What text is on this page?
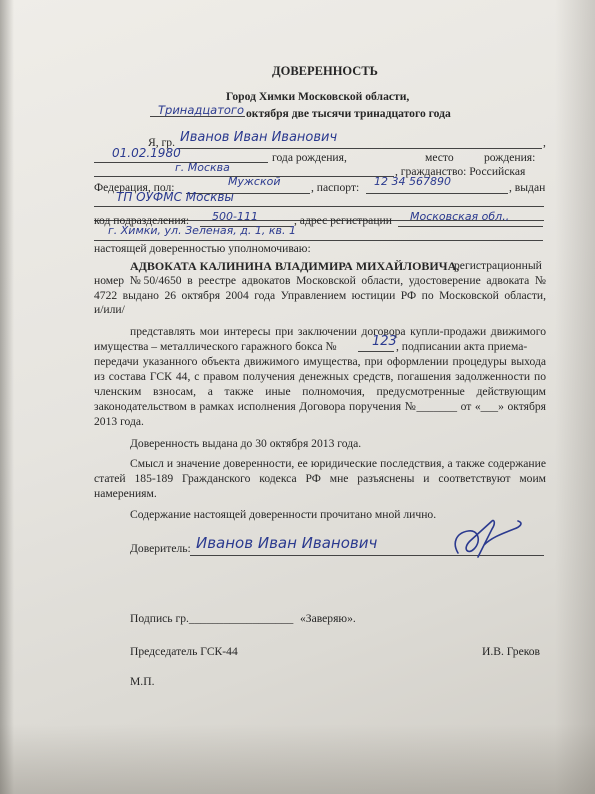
ДОВЕРЕННОСТЬ
Город Химки Московской области,
Тринадцатого октября две тысячи тринадцатого года
Я, гр. Иванов Иван Иванович	,
01.02.1980	года рождения,	место	рождения:
г. Москва	, гражданство: Российская
Федерация, пол:	Мужской	, паспорт: 12 34 567890	, выдан
ТП ОУФМС Москвы
код подразделения: 500-111	, адрес регистрации Московская обл.,
г. Химки, ул. Зеленая, д. 1, кв. 1
настоящей доверенностью уполномочиваю:
АДВОКАТА КАЛИНИНА ВЛАДИМИРА МИХАЙЛОВИЧА,
регистрационный
номер №50/4650 в реестре адвокатов Московской области, удостоверение адвоката №
4722 выдано 26 октября 2004 года Управлением юстиции РФ по Московской области,
и/или/
представлять мои интересы при заключении договора купли-продажи движимого
имущества – металлического гаражного бокса №	123 , подписании акта приема-
передачи указанного объекта движимого имущества, при оформлении процедуры выхода
из состава ГСК 44, с правом получения денежных средств, погашения задолженности по
членским взносам, а также иные полномочия, предусмотренные действующим
законодательством в рамках исполнения Договора поручения №_______ от «___» октября
2013 года.
Доверенность выдана до 30 октября 2013 года.
Смысл и значение доверенности, ее юридические последствия, а также содержание
статей 185-189 Гражданского кодекса РФ мне разъяснены и соответствуют моим
намерениям.
Содержание настоящей доверенности прочитано мной лично.
Доверитель: Иванов Иван Иванович
Подпись гр.__________________ «Заверяю».
Председатель ГСК-44	И.В. Греков
М.П.
